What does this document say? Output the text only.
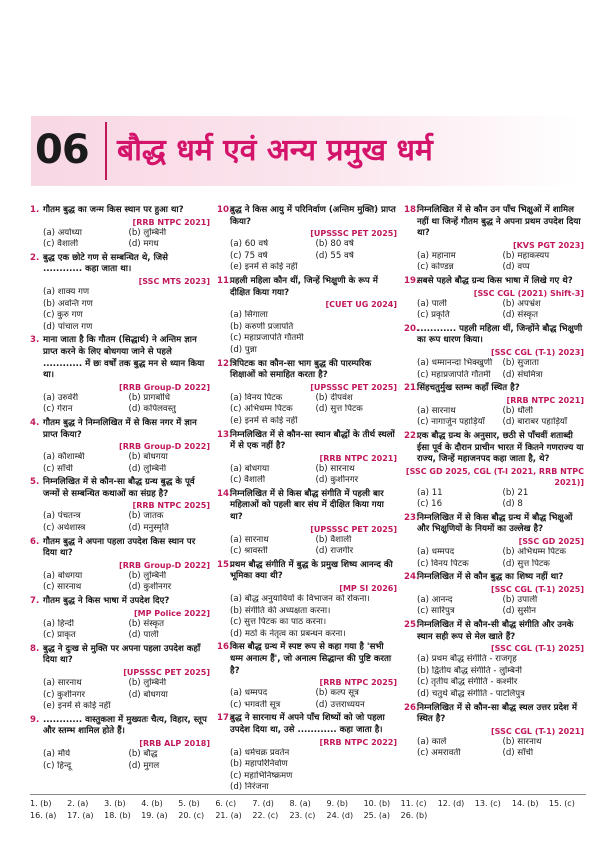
06 बौद्ध धर्म एवं अन्य प्रमुख धर्म
1. गौतम बुद्ध का जन्म किस स्थान पर हुआ था?
[RRB NTPC 2021]
(a) अयोध्या	(b) लुम्बिनी
(c) वैशाली	(d) मगध
2. बुद्ध एक छोटे गण से सम्बन्धित थे, जिसे ............ कहा जाता था।
[SSC MTS 2023]
(a) शाक्य गण
(b) अवन्ति गण
(c) कुरु गण
(d) पांचाल गण
3. माना जाता है कि गौतम (सिद्धार्थ) ने अन्तिम ज्ञान प्राप्त करने के लिए बोधगया जाने से पहले ............ में छः वर्षों तक बुद्ध मन से ध्यान किया था।
[RRB Group-D 2022]
(a) उरुवेरी	(b) प्रागबोधि
(c) गेरान	(d) कपिलवस्तु
4. गौतम बुद्ध ने निम्नलिखित में से किस नगर में ज्ञान प्राप्त किया?
[RRB Group-D 2022]
(a) कौशाम्बी	(b) बोधगया
(c) साँची	(d) लुम्बिनी
5. निम्नलिखित में से कौन-सा बौद्ध ग्रन्थ बुद्ध के पूर्व जन्मों से सम्बन्धित कथाओं का संग्रह है?
[RRB NTPC 2025]
(a) पंचतन्त्र	(b) जातक
(c) अर्थशास्त्र	(d) मनुस्मृति
6. गौतम बुद्ध ने अपना पहला उपदेश किस स्थान पर दिया था?
[RRB Group-D 2022]
(a) बोधगया	(b) लुम्बिनी
(c) सारनाथ	(d) कुशीनगर
7. गौतम बुद्ध ने किस भाषा में उपदेश दिए?
[MP Police 2022]
(a) हिन्दी	(b) संस्कृत
(c) प्राकृत	(d) पाली
8. बुद्ध ने दुःख से मुक्ति पर अपना पहला उपदेश कहाँ दिया था?
[UPSSSC PET 2025]
(a) सारनाथ	(b) लुम्बिनी
(c) कुशीनगर	(d) बोधगया
(e) इनमें से कोई नहीं
9. ............ वास्तुकला में मुख्यतः चैत्य, विहार, स्तूप और स्तम्भ शामिल होते हैं।
[RRB ALP 2018]
(a) मौर्य	(b) बौद्ध
(c) हिन्दू	(d) मुगल
10.
बुद्ध ने किस आयु में परिनिर्वाण (अन्तिम मुक्ति) प्राप्त किया?
[UPSSSC PET 2025]
(a) 60 वर्ष	(b) 80 वर्ष
(c) 75 वर्ष	(d) 55 वर्ष
(e) इनमें से कोई नहीं
11.
पहली महिला कौन थीं, जिन्हें भिक्षुणी के रूप में दीक्षित किया गया?
[CUET UG 2024]
(a) सिगाला
(b) करुणी प्रजापति
(c) महाप्रजापति गौतमी
(d) पुन्ना
12.
त्रिपिटक का कौन-सा भाग बुद्ध की पारम्परिक शिक्षाओं को समाहित करता है?
[UPSSSC PET 2025]
(a) विनय पिटक	(b) दीपवंश
(c) अभिधम्म पिटक	(d) सुत्त पिटक
(e) इनमें से कोई नहीं
13.
निम्नलिखित में से कौन-सा स्थान बौद्धों के तीर्थ स्थलों में से एक नहीं है?
[RRB NTPC 2021]
(a) बोधगया	(b) सारनाथ
(c) वैशाली	(d) कुशीनगर
14.
निम्नलिखित में से किस बौद्ध संगीति में पहली बार महिलाओं को पहली बार संघ में दीक्षित किया गया था?
[UPSSSC PET 2025]
(a) सारनाथ	(b) वैशाली
(c) श्रावस्ती	(d) राजगीर
15.
प्रथम बौद्ध संगीति में बुद्ध के प्रमुख शिष्य आनन्द की भूमिका क्या थी?
[MP SI 2026]
(a) बौद्ध अनुयायियों के विभाजन को रोकना।
(b) संगीति की अध्यक्षता करना।
(c) सुत्त पिटक का पाठ करना।
(d) मठों के नेतृत्व का प्रबन्धन करना।
16.
किस बौद्ध ग्रन्थ में स्पष्ट रूप से कहा गया है 'सभी धम्म अनात्म हैं', जो अनात्म सिद्धान्त की पुष्टि करता है?
[RRB NTPC 2025]
(a) धम्मपद	(b) कल्प सूत्र
(c) भगवती सूत्र	(d) उत्तराध्ययन
17.
बुद्ध ने सारनाथ में अपने पाँच शिष्यों को जो पहला उपदेश दिया था, उसे ............ कहा जाता है।
[RRB NTPC 2022]
(a) धर्मचक्र प्रवर्तन
(b) महापरिनिर्वाण
(c) महाभिनिष्क्रमण
(d) निरंजना
18.
निम्नलिखित में से कौन उन पाँच भिक्षुओं में शामिल नहीं था जिन्हें गौतम बुद्ध ने अपना प्रथम उपदेश दिया था?
[KVS PGT 2023]
(a) महानाम	(b) महाकस्यप
(c) कोण्डन्न	(d) वप्प
19.
सबसे पहले बौद्ध ग्रन्थ किस भाषा में लिखे गए थे?
[SSC CGL (2021) Shift-3]
(a) पाली	(b) अपभ्रंश
(c) प्रकृति	(d) संस्कृत
20.
............ पहली महिला थीं, जिन्होंने बौद्ध भिक्षुणी का रूप धारण किया।
[SSC CGL (T-1) 2023]
(a) धम्मानन्दा भिक्खुणी	(b) सुजाता
(c) महाप्रजापति गौतमी	(d) संघमित्रा
21.
सिंहचतुर्मुख स्तम्भ कहाँ स्थित है?
[RRB NTPC 2021]
(a) सारनाथ	(b) धौली
(c) नागार्जुन पहाड़ियाँ	(d) बाराबर पहाड़ियाँ
22.
एक बौद्ध ग्रन्थ के अनुसार, छठी से पाँचवीं शताब्दी ईसा पूर्व के दौरान प्राचीन भारत में कितने गणराज्य या राज्य, जिन्हें महाजनपद कहा जाता है, थे?
[SSC GD 2025, CGL (T-I 2021, RRB NTPC 2021)]
(a) 11	(b) 21
(c) 16	(d) 8
23.
निम्नलिखित में से किस बौद्ध ग्रन्थ में बौद्ध भिक्षुओं और भिक्षुणियों के नियमों का उल्लेख है?
[SSC GD 2025]
(a) धम्मपद	(b) अभिधम्म पिटक
(c) विनय पिटक	(d) सुत्त पिटक
24.
निम्नलिखित में से कौन बुद्ध का शिष्य नहीं था?
[SSC CGL (T-1) 2025]
(a) आनन्द	(b) उपाली
(c) सारिपुत्र	(d) सुसीन
25.
निम्नलिखित में से कौन-सी बौद्ध संगीति और उनके स्थान सही रूप से मेल खाते हैं?
[SSC CGL (T-1) 2025]
(a) प्रथम बौद्ध संगीति - राजगृह
(b) द्वितीय बौद्ध संगीति - लुम्बिनी
(c) तृतीय बौद्ध संगीति - कश्मीर
(d) चतुर्थ बौद्ध संगीति - पाटलिपुत्र
26.
निम्नलिखित में से कौन-सा बौद्ध स्थल उत्तर प्रदेश में स्थित है?
[SSC CGL (T-1) 2021]
(a) कार्ले	(b) सारनाथ
(c) अमरावती	(d) साँची
1. (b)	2. (a)	3. (b)	4. (b)	5. (b)	6. (c)	7. (d)	8. (a)	9. (b)	10. (b)	11. (c)	12. (d)	13. (c)	14. (b)	15. (c)
16. (a)	17. (a)	18. (b)	19. (a)	20. (c)	21. (a)	22. (c)	23. (c)	24. (d)	25. (a)	26. (b)
